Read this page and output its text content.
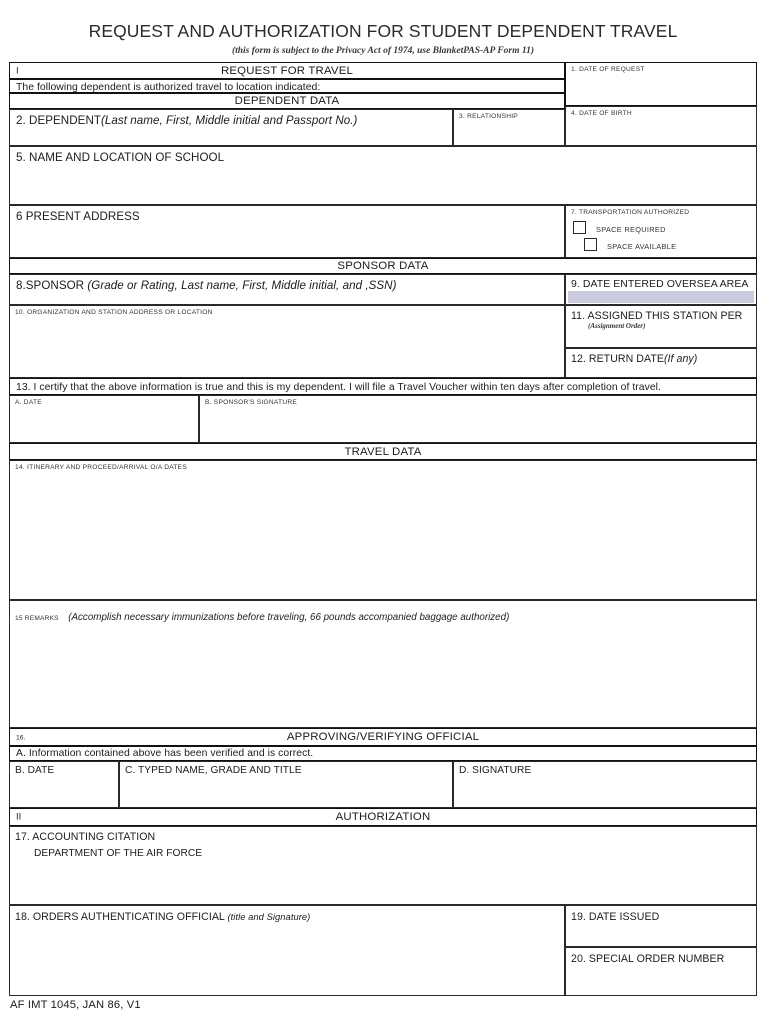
REQUEST AND AUTHORIZATION FOR STUDENT DEPENDENT TRAVEL
(this form is subject to the Privacy Act of 1974, use BlanketPAS-AP Form 11)
I	REQUEST FOR TRAVEL	1. DATE OF REQUEST
The following dependent is authorized travel to location indicated:
DEPENDENT DATA
2. DEPENDENT(Last name, First, Middle initial and Passport No.)	3. RELATIONSHIP	4. DATE OF BIRTH
5. NAME AND LOCATION OF SCHOOL
6 PRESENT ADDRESS	7. TRANSPORTATION AUTHORIZED
SPACE REQUIRED
SPACE AVAILABLE
SPONSOR DATA
8.SPONSOR (Grade or Rating, Last name, First, Middle initial, and ,SSN)	9. DATE ENTERED OVERSEA AREA
10. ORGANIZATION AND STATION ADDRESS OR LOCATION	11. ASSIGNED THIS STATION PER
(Assignment Order)
12. RETURN DATE(If any)
13. I certify that the above information is true and this is my dependent. I will file a Travel Voucher within ten days after completion of travel.
A. DATE	B. SPONSOR'S SIGNATURE
TRAVEL DATA
14. ITINERARY AND PROCEED/ARRIVAL O/A DATES
15 REMARKS (Accomplish necessary immunizations before traveling, 66 pounds accompanied baggage authorized)
16.	APPROVING/VERIFYING OFFICIAL
A. Information contained above has been verified and is correct.
B. DATE	C. TYPED NAME, GRADE AND TITLE	D. SIGNATURE
II	AUTHORIZATION
17. ACCOUNTING CITATION
DEPARTMENT OF THE AIR FORCE
18. ORDERS AUTHENTICATING OFFICIAL (title and Signature)	19. DATE ISSUED
20. SPECIAL ORDER NUMBER
AF IMT 1045, JAN 86, V1
